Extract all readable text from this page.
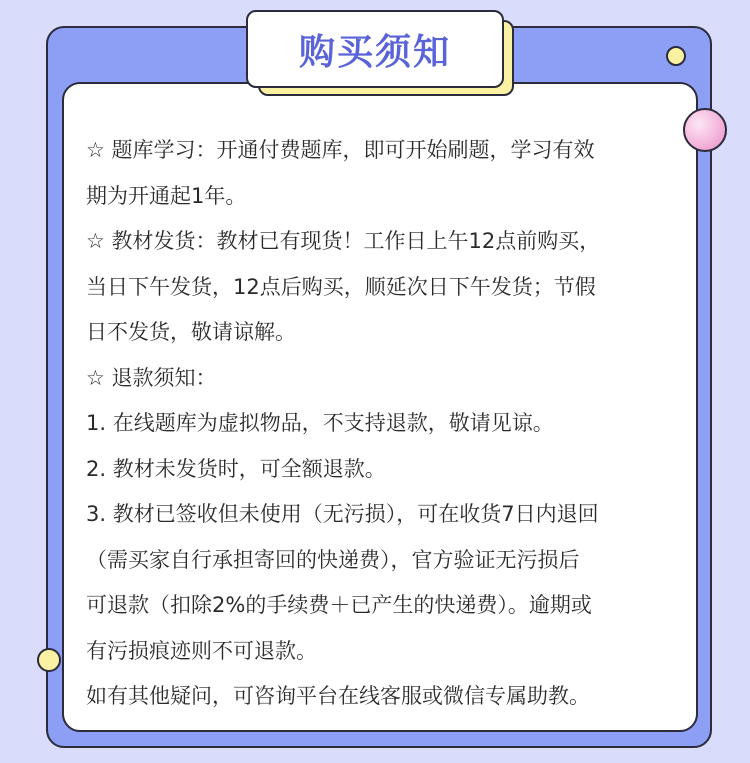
购买须知

☆ 题库学习：开通付费题库，即可开始刷题，学习有效

期为开通起1年。

☆ 教材发货：教材已有现货！工作日上午12点前购买，

当日下午发货，12点后购买，顺延次日下午发货；节假

日不发货，敬请谅解。

☆ 退款须知：

1. 在线题库为虚拟物品，不支持退款，敬请见谅。

2. 教材未发货时，可全额退款。

3. 教材已签收但未使用（无污损），可在收货7日内退回

（需买家自行承担寄回的快递费），官方验证无污损后

可退款（扣除2%的手续费＋已产生的快递费）。逾期或

有污损痕迹则不可退款。

如有其他疑问，可咨询平台在线客服或微信专属助教。
